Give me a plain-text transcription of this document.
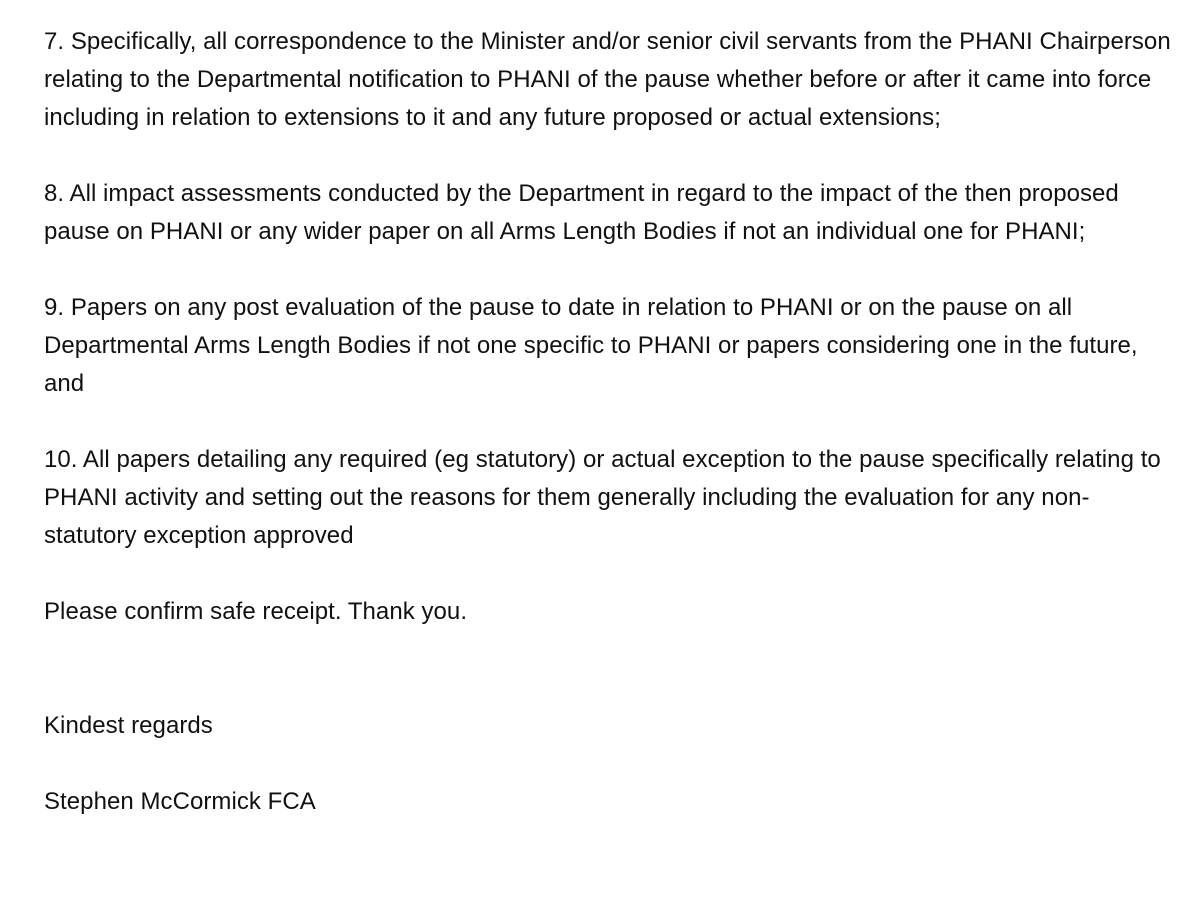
7. Specifically, all correspondence to the Minister and/or senior civil servants from the PHANI Chairperson relating to the Departmental notification to PHANI of the pause whether before or after it came into force including in relation to extensions to it and any future proposed or actual extensions;

8. All impact assessments conducted by the Department in regard to the impact of the then proposed pause on PHANI or any wider paper on all Arms Length Bodies if not an individual one for PHANI;

9. Papers on any post evaluation of the pause to date in relation to PHANI or on the pause on all Departmental Arms Length Bodies if not one specific to PHANI or papers considering one in the future, and

10. All papers detailing any required (eg statutory) or actual exception to the pause specifically relating to PHANI activity and setting out the reasons for them generally including the evaluation for any non-statutory exception approved

Please confirm safe receipt. Thank you.

Kindest regards

Stephen McCormick FCA
